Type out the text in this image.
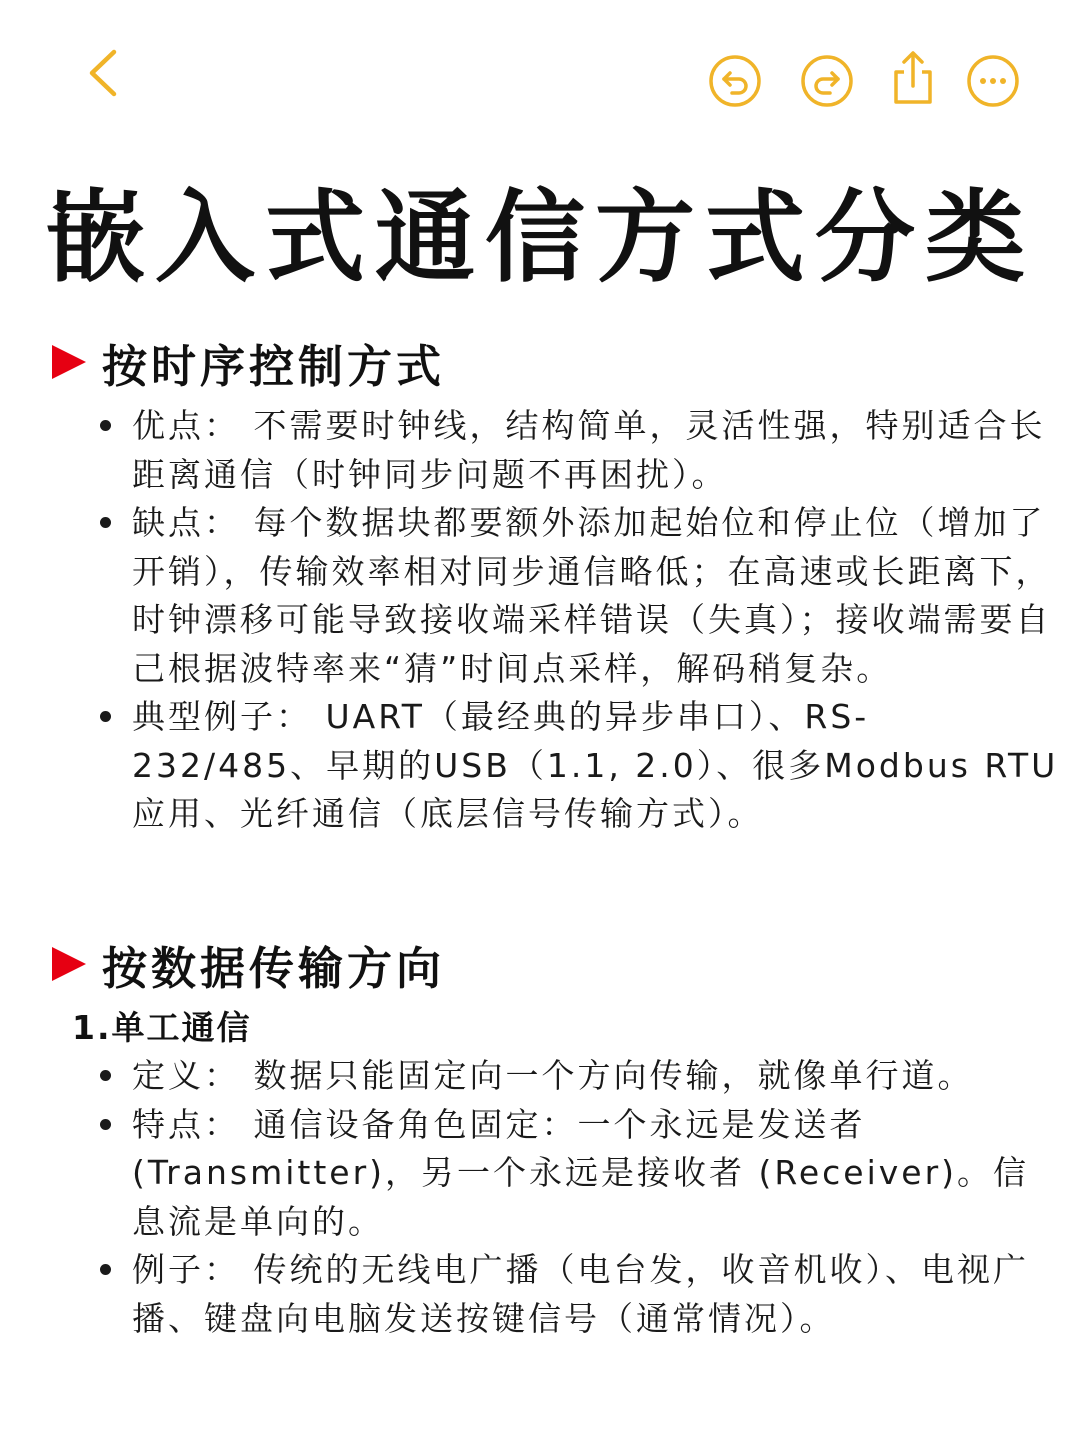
嵌入式通信方式分类
按时序控制方式
优点： 不需要时钟线，结构简单，灵活性强，特别适合长距离通信（时钟同步问题不再困扰）。
缺点： 每个数据块都要额外添加起始位和停止位（增加了开销），传输效率相对同步通信略低；在高速或长距离下，时钟漂移可能导致接收端采样错误（失真）；接收端需要自己根据波特率来“猜”时间点采样，解码稍复杂。
典型例子： UART（最经典的异步串口）、RS-232/485、早期的USB（1.1, 2.0）、很多Modbus RTU应用、光纤通信（底层信号传输方式）。
按数据传输方向
1.单工通信
定义： 数据只能固定向一个方向传输，就像单行道。
特点： 通信设备角色固定：一个永远是发送者 (Transmitter)，另一个永远是接收者 (Receiver)。信息流是单向的。
例子： 传统的无线电广播（电台发，收音机收）、电视广播、键盘向电脑发送按键信号（通常情况）。
